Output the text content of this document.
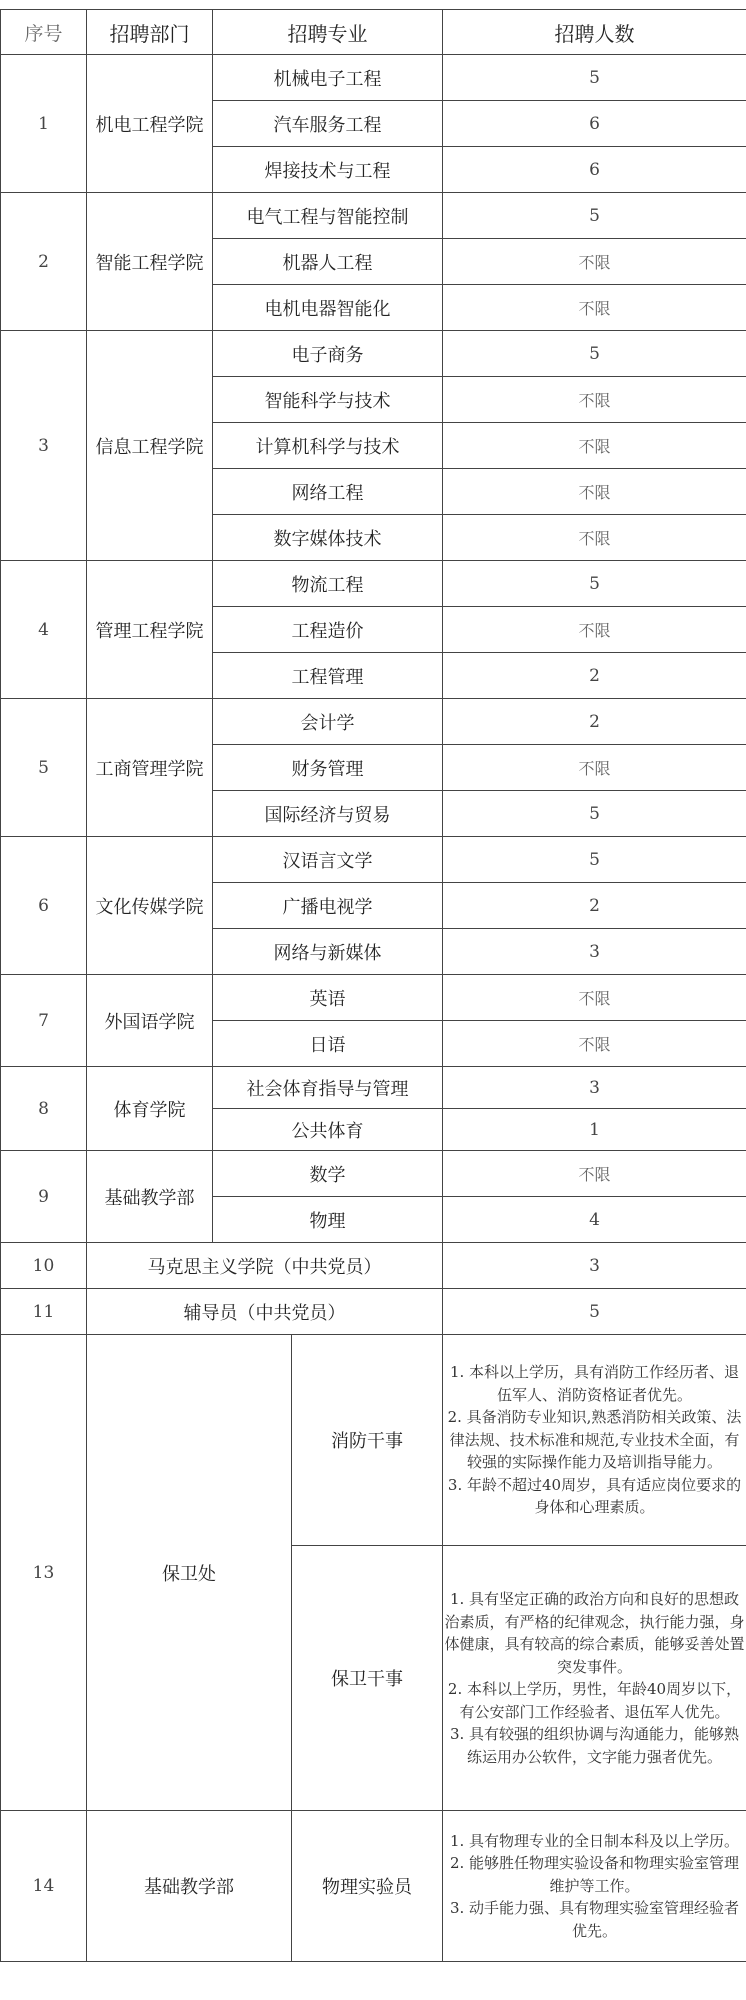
序号	招聘部门	招聘专业		招聘人数
1	机电工程学院	机械电子工程		5
		汽车服务工程		6
		焊接技术与工程		6
2	智能工程学院	电气工程与智能控制		5
		机器人工程		不限
		电机电器智能化		不限
3	信息工程学院	电子商务		5
		智能科学与技术		不限
		计算机科学与技术		不限
		网络工程		不限
		数字媒体技术		不限
4	管理工程学院	物流工程		5
		工程造价		不限
		工程管理		2
5	工商管理学院	会计学		2
		财务管理		不限
		国际经济与贸易		5
6	文化传媒学院	汉语言文学		5
		广播电视学		2
		网络与新媒体		3
7	外国语学院	英语		不限
		日语		不限
8	体育学院	社会体育指导与管理		3
		公共体育		1
9	基础教学部	数学		不限
		物理		4
10	马克思主义学院（中共党员）			3
11	辅导员（中共党员）			5
13	保卫处		消防干事	1. 本科以上学历，具有消防工作经历者、退伍军人、消防资格证者优先。
2. 具备消防专业知识,熟悉消防相关政策、法律法规、技术标准和规范,专业技术全面，有较强的实际操作能力及培训指导能力。
3. 年龄不超过40周岁，具有适应岗位要求的身体和心理素质。

			保卫干事	1. 具有坚定正确的政治方向和良好的思想政治素质，有严格的纪律观念，执行能力强，身体健康，具有较高的综合素质，能够妥善处置突发事件。
2. 本科以上学历，男性，年龄40周岁以下，有公安部门工作经验者、退伍军人优先。
3. 具有较强的组织协调与沟通能力，能够熟练运用办公软件，文字能力强者优先。

14	基础教学部		物理实验员	1. 具有物理专业的全日制本科及以上学历。
2. 能够胜任物理实验设备和物理实验室管理维护等工作。
3. 动手能力强、具有物理实验室管理经验者优先。
